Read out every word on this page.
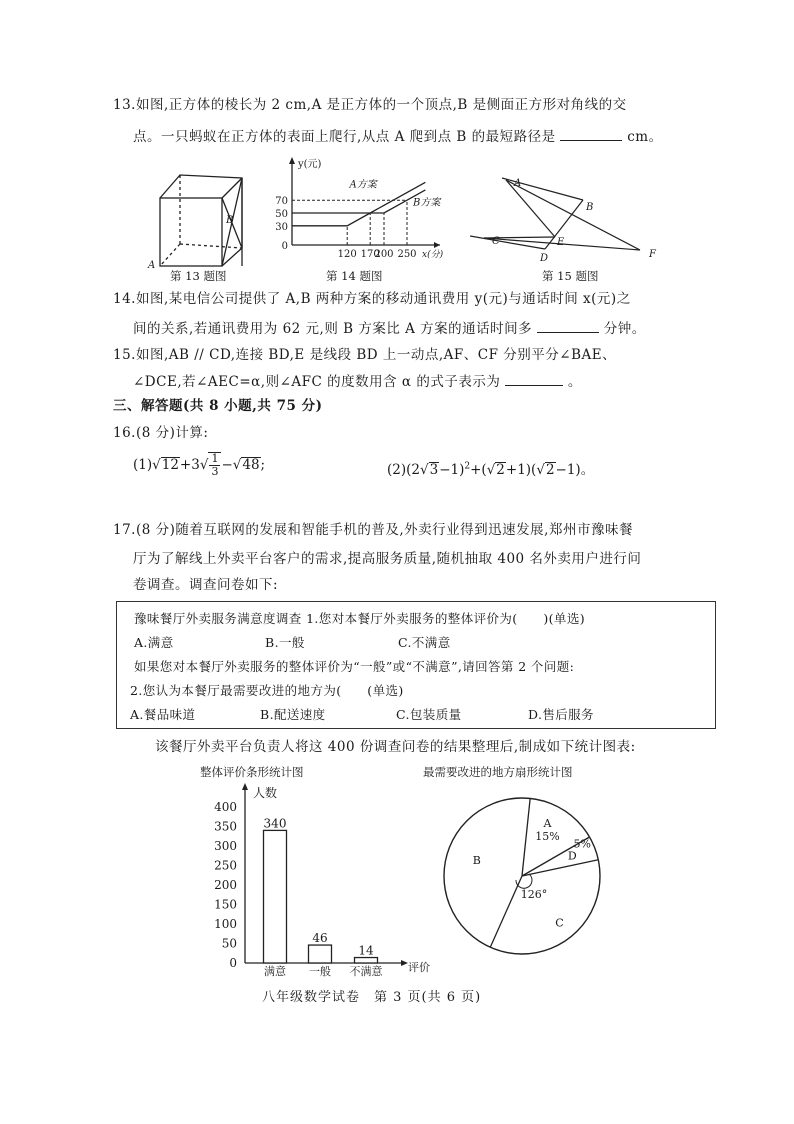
13.如图,正方体的棱长为 2 cm,A 是正方体的一个顶点,B 是侧面正方形对角线的交
点。一只蚂蚁在正方体的表面上爬行,从点 A 爬到点 B 的最短路径是	cm。
A
B
第 13 题图
y(元)
x(分)
0
30
50
70
120 170
200 250
A方案
B方案
第 14 题图
A
B
C
D
E
F
第 15 题图
14.如图,某电信公司提供了 A,B 两种方案的移动通讯费用 y(元)与通话时间 x(元)之
间的关系,若通讯费用为 62 元,则 B 方案比 A 方案的通话时间多	分钟。
15.如图,AB // CD,连接 BD,E 是线段 BD 上一动点,AF、CF 分别平分∠BAE、
∠DCE,若∠AEC=α,则∠AFC 的度数用含 α 的式子表示为	。
三、解答题(共 8 小题,共 75 分)
16.(8 分)计算:
$(1)√12+3√ \frac{1}{3} -√48$;	$(2)(2√3-1)^2+(√2+1)(√2-1)$。
17.(8 分)随着互联网的发展和智能手机的普及,外卖行业得到迅速发展,郑州市豫味餐
厅为了解线上外卖平台客户的需求,提高服务质量,随机抽取 400 名外卖用户进行问
卷调查。调查问卷如下:
豫味餐厅外卖服务满意度调查 1.您对本餐厅外卖服务的整体评价为(　　)(单选)
A.满意	B.一般	C.不满意
如果您对本餐厅外卖服务的整体评价为“一般”或“不满意”,请回答第 2 个问题:
2.您认为本餐厅最需要改进的地方为(　　(单选)
A.餐品味道	B.配送速度	C.包装质量	D.售后服务
该餐厅外卖平台负责人将这 400 份调查问卷的结果整理后,制成如下统计图表:
整体评价条形统计图	最需要改进的地方扇形统计图
人数
评价
0
50
100
150
200
250
300
350
400
340
满意
46
一般
14
不满意
A
15%
D
5%
C
B
126°
八年级数学试卷　第 3 页(共 6 页)
